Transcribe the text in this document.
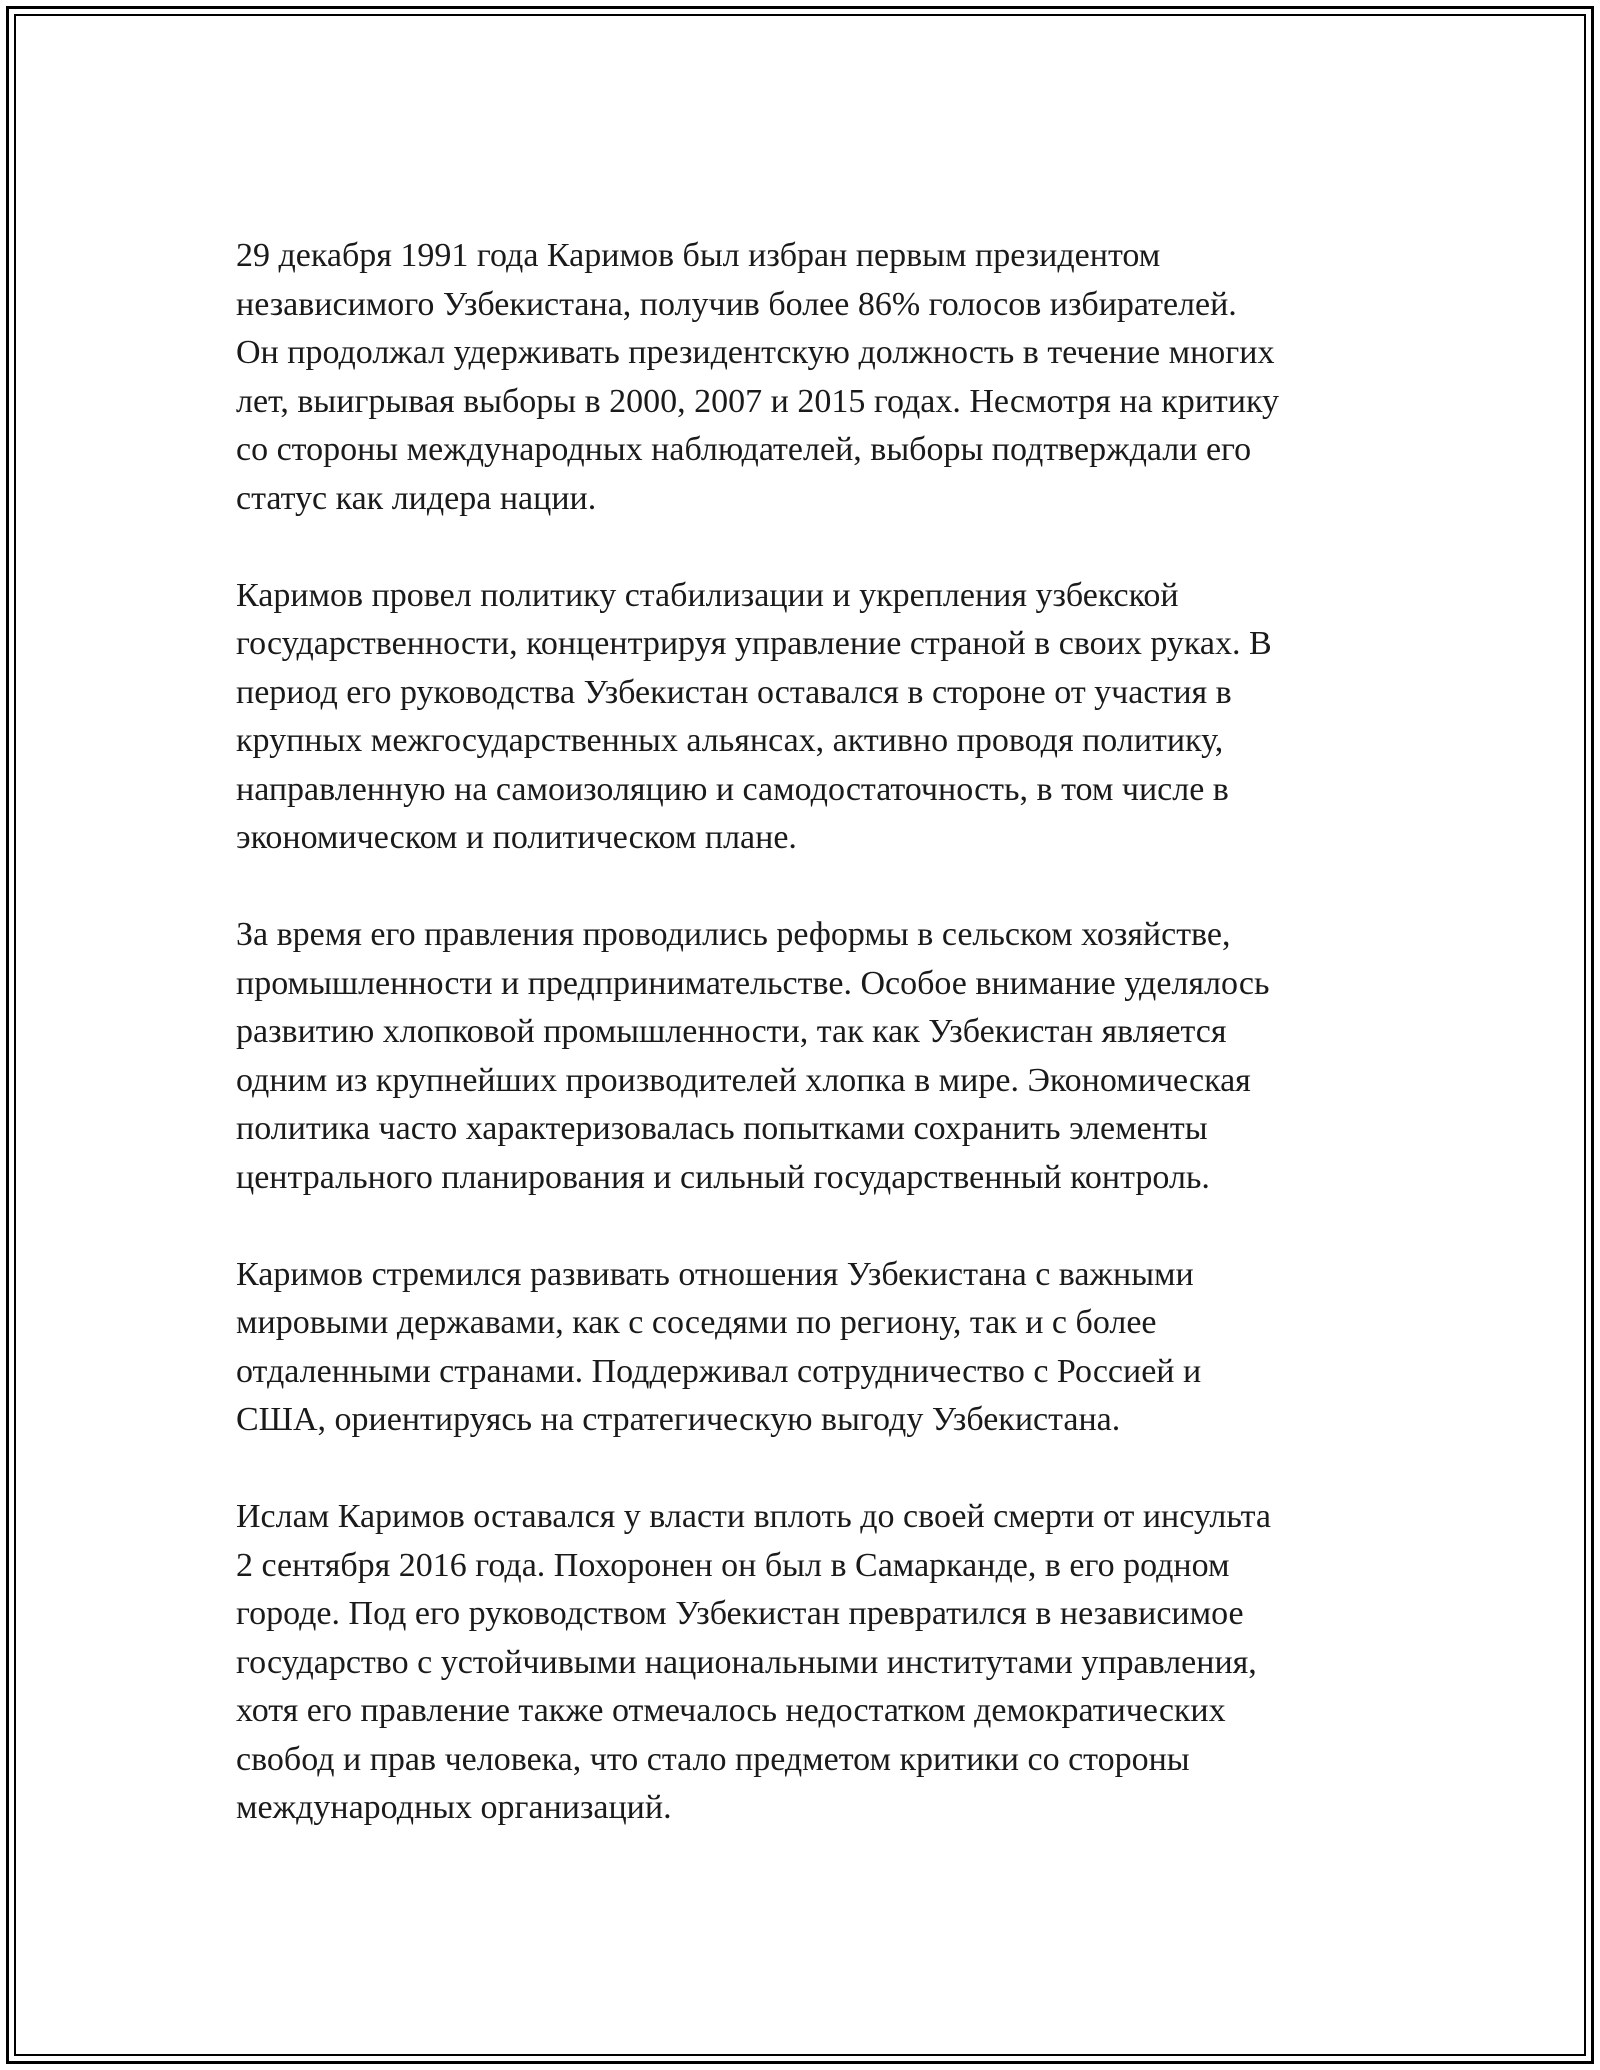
29 декабря 1991 года Каримов был избран первым президентом
независимого Узбекистана, получив более 86% голосов избирателей.
Он продолжал удерживать президентскую должность в течение многих
лет, выигрывая выборы в 2000, 2007 и 2015 годах. Несмотря на критику
со стороны международных наблюдателей, выборы подтверждали его
статус как лидера нации.

Каримов провел политику стабилизации и укрепления узбекской
государственности, концентрируя управление страной в своих руках. В
период его руководства Узбекистан оставался в стороне от участия в
крупных межгосударственных альянсах, активно проводя политику,
направленную на самоизоляцию и самодостаточность, в том числе в
экономическом и политическом плане.

За время его правления проводились реформы в сельском хозяйстве,
промышленности и предпринимательстве. Особое внимание уделялось
развитию хлопковой промышленности, так как Узбекистан является
одним из крупнейших производителей хлопка в мире. Экономическая
политика часто характеризовалась попытками сохранить элементы
центрального планирования и сильный государственный контроль.

Каримов стремился развивать отношения Узбекистана с важными
мировыми державами, как с соседями по региону, так и с более
отдаленными странами. Поддерживал сотрудничество с Россией и
США, ориентируясь на стратегическую выгоду Узбекистана.

Ислам Каримов оставался у власти вплоть до своей смерти от инсульта
2 сентября 2016 года. Похоронен он был в Самарканде, в его родном
городе. Под его руководством Узбекистан превратился в независимое
государство с устойчивыми национальными институтами управления,
хотя его правление также отмечалось недостатком демократических
свобод и прав человека, что стало предметом критики со стороны
международных организаций.
